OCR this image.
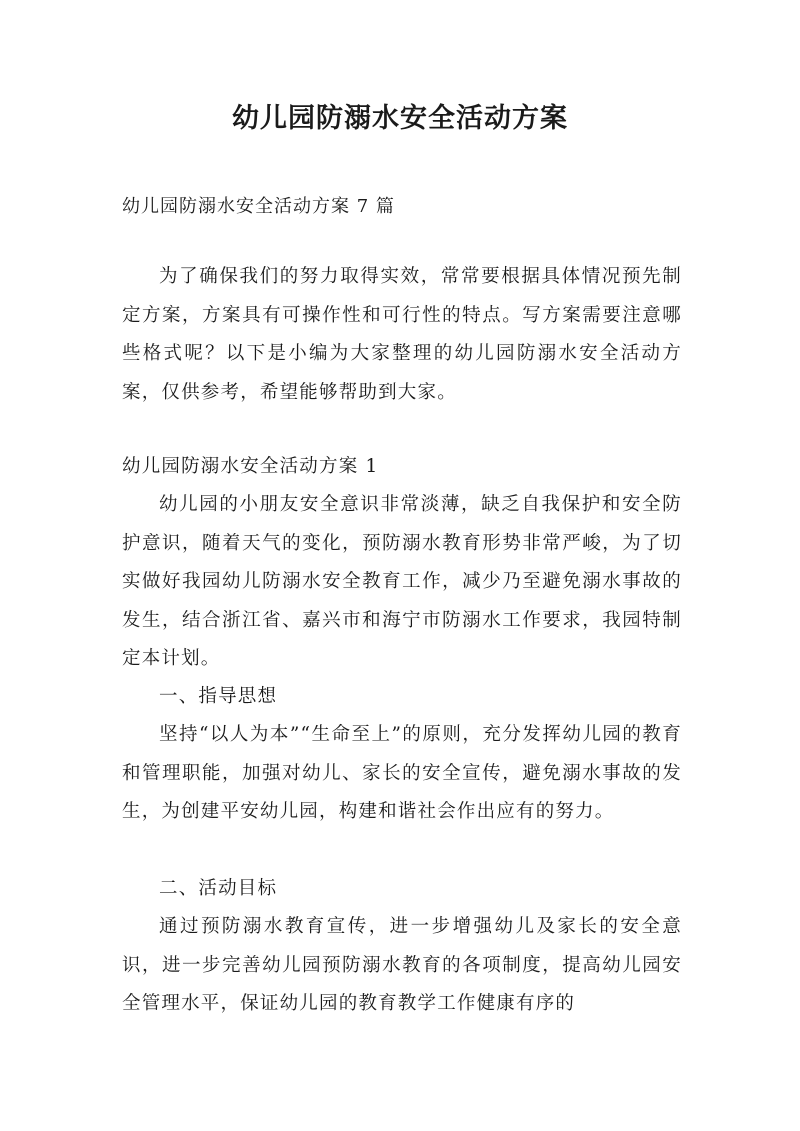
幼儿园防溺水安全活动方案
幼儿园防溺水安全活动方案 7 篇

为了确保我们的努力取得实效，常常要根据具体情况预先制定方案，方案具有可操作性和可行性的特点。写方案需要注意哪些格式呢？以下是小编为大家整理的幼儿园防溺水安全活动方案，仅供参考，希望能够帮助到大家。

幼儿园防溺水安全活动方案 1

幼儿园的小朋友安全意识非常淡薄，缺乏自我保护和安全防护意识，随着天气的变化，预防溺水教育形势非常严峻，为了切实做好我园幼儿防溺水安全教育工作，减少乃至避免溺水事故的发生，结合浙江省、嘉兴市和海宁市防溺水工作要求，我园特制定本计划。

一、指导思想

坚持“以人为本”“生命至上”的原则，充分发挥幼儿园的教育和管理职能，加强对幼儿、家长的安全宣传，避免溺水事故的发生，为创建平安幼儿园，构建和谐社会作出应有的努力。

二、活动目标

通过预防溺水教育宣传，进一步增强幼儿及家长的安全意识，进一步完善幼儿园预防溺水教育的各项制度，提高幼儿园安全管理水平，保证幼儿园的教育教学工作健康有序的
